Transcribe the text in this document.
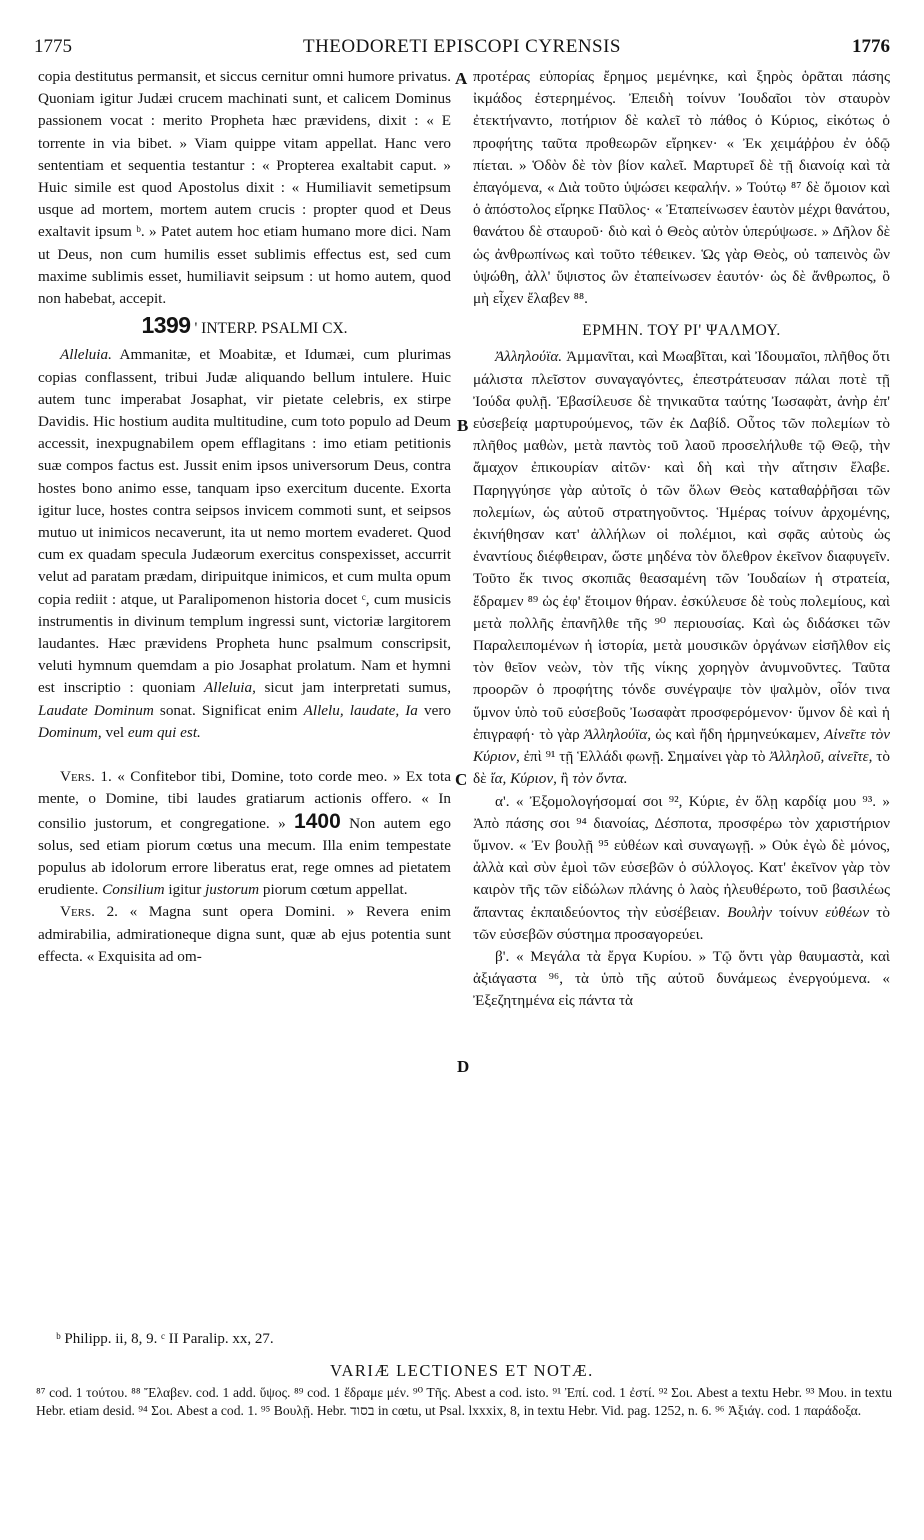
1775	THEODORETI EPISCOPI CYRENSIS	1776
A
B
C
D

copia destitutus permansit, et siccus cernitur omni humore privatus. Quoniam igitur Judæi crucem machinati sunt, et calicem Dominus passionem vocat : merito Propheta hæc prævidens, dixit : « E torrente in via bibet. » Viam quippe vitam appellat. Hanc vero sententiam et sequentia testantur : « Propterea exaltabit caput. » Huic simile est quod Apostolus dixit : « Humiliavit semetipsum usque ad mortem, mortem autem crucis : propter quod et Deus exaltavit ipsum ᵇ. » Patet autem hoc etiam humano more dici. Nam ut Deus, non cum humilis esset sublimis effectus est, sed cum maxime sublimis esset, humiliavit seipsum : ut homo autem, quod non habebat, accepit.

1399 ' INTERP. PSALMI CX.

Alleluia. Ammanitæ, et Moabitæ, et Idumæi, cum plurimas copias conflassent, tribui Judæ aliquando bellum intulere. Huic autem tunc imperabat Josaphat, vir pietate celebris, ex stirpe Davidis. Hic hostium audita multitudine, cum toto populo ad Deum accessit, inexpugnabilem opem efflagitans : imo etiam petitionis suæ compos factus est. Jussit enim ipsos universorum Deus, contra hostes bono animo esse, tanquam ipso exercitum ducente. Exorta igitur luce, hostes contra seipsos invicem commoti sunt, et seipsos mutuo ut inimicos necaverunt, ita ut nemo mortem evaderet. Quod cum ex quadam specula Judæorum exercitus conspexisset, accurrit velut ad paratam prædam, diripuitque inimicos, et cum multa opum copia rediit : atque, ut Paralipomenon historia docet ᶜ, cum musicis instrumentis in divinum templum ingressi sunt, victoriæ largitorem laudantes. Hæc prævidens Propheta hunc psalmum conscripsit, veluti hymnum quemdam a pio Josaphat prolatum. Nam et hymni est inscriptio : quoniam Alleluia, sicut jam interpretati sumus, Laudate Dominum sonat. Significat enim Allelu, laudate, Ia vero Dominum, vel eum qui est.

Vers. 1. « Confitebor tibi, Domine, toto corde meo. » Ex tota mente, o Domine, tibi laudes gratiarum actionis offero. « In consilio justorum, et congregatione. » 1400 Non autem ego solus, sed etiam piorum cœtus una mecum. Illa enim tempestate populus ab idolorum errore liberatus erat, rege omnes ad pietatem erudiente. Consilium igitur justorum piorum cœtum appellat.

Vers. 2. « Magna sunt opera Domini. » Revera enim admirabilia, admirationeque digna sunt, quæ ab ejus potentia sunt effecta. « Exquisita ad om-

προτέρας εὐπορίας ἔρημος μεμένηκε, καὶ ξηρὸς ὁρᾶται πάσης ἰκμάδος ἐστερημένος. Ἐπειδὴ τοίνυν Ἰουδαῖοι τὸν σταυρὸν ἐτεκτήναντο, ποτήριον δὲ καλεῖ τὸ πάθος ὁ Κύριος, εἰκότως ὁ προφήτης ταῦτα προθεωρῶν εἴρηκεν· « Ἐκ χειμάῤῥου ἐν ὁδῷ πίεται. » Ὁδὸν δὲ τὸν βίον καλεῖ. Μαρτυρεῖ δὲ τῇ διανοίᾳ καὶ τὰ ἐπαγόμενα, « Διὰ τοῦτο ὑψώσει κεφαλήν. » Τούτῳ ⁸⁷ δὲ ὅμοιον καὶ ὁ ἀπόστολος εἴρηκε Παῦλος· « Ἐταπείνωσεν ἑαυτὸν μέχρι θανάτου, θανάτου δὲ σταυροῦ· διὸ καὶ ὁ Θεὸς αὐτὸν ὑπερύψωσε. » Δῆλον δὲ ὡς ἀνθρωπίνως καὶ τοῦτο τέθεικεν. Ὡς γὰρ Θεὸς, οὐ ταπεινὸς ὢν ὑψώθη, ἀλλ' ὕψιστος ὢν ἐταπείνωσεν ἑαυτόν· ὡς δὲ ἄνθρωπος, ὃ μὴ εἶχεν ἔλαβεν ⁸⁸.

ΕΡΜΗΝ. ΤΟΥ ΡΙ' ΨΑΛΜΟΥ.

Ἀλληλούϊα. Ἀμμανῖται, καὶ Μωαβῖται, καὶ Ἰδουμαῖοι, πλῆθος ὅτι μάλιστα πλεῖστον συναγαγόντες, ἐπεστράτευσαν πάλαι ποτὲ τῇ Ἰούδα φυλῇ. Ἐβασίλευσε δὲ τηνικαῦτα ταύτης Ἰωσαφὰτ, ἀνὴρ ἐπ' εὐσεβείᾳ μαρτυρούμενος, τῶν ἐκ Δαβίδ. Οὗτος τῶν πολεμίων τὸ πλῆθος μαθὼν, μετὰ παντὸς τοῦ λαοῦ προσελήλυθε τῷ Θεῷ, τὴν ἄμαχον ἐπικουρίαν αἰτῶν· καὶ δὴ καὶ τὴν αἴτησιν ἔλαβε. Παρηγγύησε γὰρ αὐτοῖς ὁ τῶν ὅλων Θεὸς καταθαῤῥῆσαι τῶν πολεμίων, ὡς αὐτοῦ στρατηγοῦντος. Ἡμέρας τοίνυν ἀρχομένης, ἐκινήθησαν κατ' ἀλλήλων οἱ πολέμιοι, καὶ σφᾶς αὐτοὺς ὡς ἐναντίους διέφθειραν, ὥστε μηδένα τὸν ὄλεθρον ἐκεῖνον διαφυγεῖν. Τοῦτο ἔκ τινος σκοπιᾶς θεασαμένη τῶν Ἰουδαίων ἡ στρατεία, ἔδραμεν ⁸⁹ ὡς ἐφ' ἕτοιμον θήραν. ἐσκύλευσε δὲ τοὺς πολεμίους, καὶ μετὰ πολλῆς ἐπανῆλθε τῆς ⁹⁰ περιουσίας. Καὶ ὡς διδάσκει τῶν Παραλειπομένων ἡ ἱστορία, μετὰ μουσικῶν ὀργάνων εἰσῆλθον εἰς τὸν θεῖον νεὼν, τὸν τῆς νίκης χορηγὸν ἀνυμνοῦντες. Ταῦτα προορῶν ὁ προφήτης τόνδε συνέγραψε τὸν ψαλμὸν, οἷόν τινα ὕμνον ὑπὸ τοῦ εὐσεβοῦς Ἰωσαφὰτ προσφερόμενον· ὕμνον δὲ καὶ ἡ ἐπιγραφή· τὸ γὰρ Ἀλληλούϊα, ὡς καὶ ἤδη ἡρμηνεύκαμεν, Αἰνεῖτε τὸν Κύριον, ἐπὶ ⁹¹ τῇ Ἑλλάδι φωνῇ. Σημαίνει γὰρ τὸ Ἀλληλοῦ, αἰνεῖτε, τὸ δὲ ἴα, Κύριον, ἢ τὸν ὄντα.

α'. « Ἐξομολογήσομαί σοι ⁹², Κύριε, ἐν ὅλῃ καρδίᾳ μου ⁹³. » Ἀπὸ πάσης σοι ⁹⁴ διανοίας, Δέσποτα, προσφέρω τὸν χαριστήριον ὕμνον. « Ἐν βουλῇ ⁹⁵ εὐθέων καὶ συναγωγῇ. » Οὐκ ἐγὼ δὲ μόνος, ἀλλὰ καὶ σὺν ἐμοὶ τῶν εὐσεβῶν ὁ σύλλογος. Κατ' ἐκεῖνον γὰρ τὸν καιρὸν τῆς τῶν εἰδώλων πλάνης ὁ λαὸς ἠλευθέρωτο, τοῦ βασιλέως ἅπαντας ἐκπαιδεύοντος τὴν εὐσέβειαν. Βουλὴν τοίνυν εὐθέων τὸ τῶν εὐσεβῶν σύστημα προσαγορεύει.

β'. « Μεγάλα τὰ ἔργα Κυρίου. » Τῷ ὄντι γὰρ θαυμαστὰ, καὶ ἀξιάγαστα ⁹⁶, τὰ ὑπὸ τῆς αὐτοῦ δυνάμεως ἐνεργούμενα. « Ἐξεζητημένα εἰς πάντα τὰ

ᵇ Philipp. ii, 8, 9. ᶜ II Paralip. xx, 27.
VARIÆ LECTIONES ET NOTÆ.

⁸⁷ cod. 1 τούτου. ⁸⁸ Ἔλαβεν. cod. 1 add. ὕψος. ⁸⁹ cod. 1 ἔδραμε μέν. ⁹⁰ Τῆς. Abest a cod. isto. ⁹¹ Ἐπί. cod. 1 ἐστί. ⁹² Σοι. Abest a textu Hebr. ⁹³ Μου. in textu Hebr. etiam desid. ⁹⁴ Σοι. Abest a cod. 1. ⁹⁵ Βουλῇ. Hebr. בסוד in cœtu, ut Psal. lxxxix, 8, in textu Hebr. Vid. pag. 1252, n. 6. ⁹⁶ Ἀξιάγ. cod. 1 παράδοξα.
